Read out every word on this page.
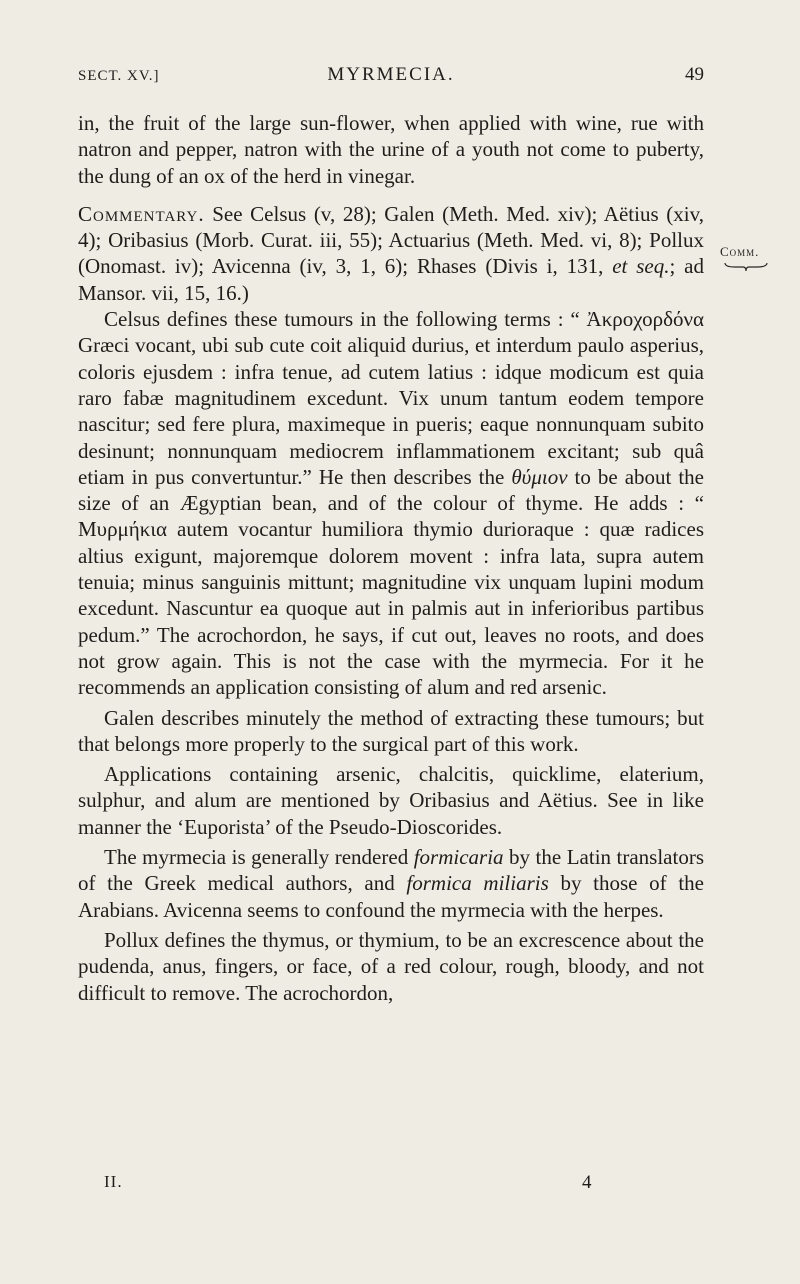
SECT. XV.]	MYRMECIA.	49

in, the fruit of the large sun-flower, when applied with wine, rue with natron and pepper, natron with the urine of a youth not come to puberty, the dung of an ox of the herd in vinegar.

Commentary. See Celsus (v, 28); Galen (Meth. Med. xiv); Aëtius (xiv, 4); Oribasius (Morb. Curat. iii, 55); Actuarius (Meth. Med. vi, 8); Pollux (Onomast. iv); Avicenna (iv, 3, 1, 6); Rhases (Divis i, 131, et seq.; ad Mansor. vii, 15, 16.)

Celsus defines these tumours in the following terms : “ Ἀκροχορδόνα Græci vocant, ubi sub cute coit aliquid durius, et interdum paulo asperius, coloris ejusdem : infra tenue, ad cutem latius : idque modicum est quia raro fabæ magnitudinem excedunt. Vix unum tantum eodem tempore nascitur; sed fere plura, maximeque in pueris; eaque nonnunquam subito desinunt; nonnunquam mediocrem inflammationem excitant; sub quâ etiam in pus convertuntur.” He then describes the θύμιον to be about the size of an Ægyptian bean, and of the colour of thyme. He adds : “ Μυρμήκια autem vocantur humiliora thymio durioraque : quæ radices altius exigunt, majoremque dolorem movent : infra lata, supra autem tenuia; minus sanguinis mittunt; magnitudine vix unquam lupini modum excedunt. Nascuntur ea quoque aut in palmis aut in inferioribus partibus pedum.” The acrochordon, he says, if cut out, leaves no roots, and does not grow again. This is not the case with the myrmecia. For it he recommends an application consisting of alum and red arsenic.

Galen describes minutely the method of extracting these tumours; but that belongs more properly to the surgical part of this work.

Applications containing arsenic, chalcitis, quicklime, elaterium, sulphur, and alum are mentioned by Oribasius and Aëtius. See in like manner the ‘Euporista’ of the Pseudo-Dioscorides.

The myrmecia is generally rendered formicaria by the Latin translators of the Greek medical authors, and formica miliaris by those of the Arabians. Avicenna seems to confound the myrmecia with the herpes.

Pollux defines the thymus, or thymium, to be an excrescence about the pudenda, anus, fingers, or face, of a red colour, rough, bloody, and not difficult to remove. The acrochordon,

Comm.
II.	4
